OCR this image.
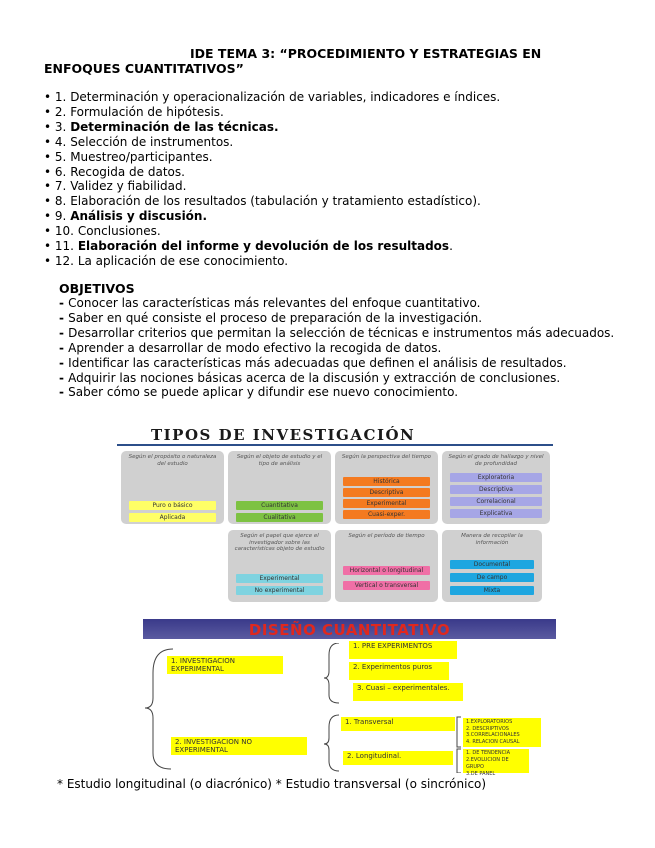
IDE TEMA 3: “PROCEDIMIENTO Y ESTRATEGIAS EN
ENFOQUES CUANTITATIVOS”
• 1. Determinación y operacionalización de variables, indicadores e índices.
• 2. Formulación de hipótesis.
• 3. Determinación de las técnicas.
• 4. Selección de instrumentos.
• 5. Muestreo/participantes.
• 6. Recogida de datos.
• 7. Validez y fiabilidad.
• 8. Elaboración de los resultados (tabulación y tratamiento estadístico).
• 9. Análisis y discusión.
• 10. Conclusiones.
• 11. Elaboración del informe y devolución de los resultados.
• 12. La aplicación de ese conocimiento.
OBJETIVOS

- Conocer las características más relevantes del enfoque cuantitativo.

- Saber en qué consiste el proceso de preparación de la investigación.

- Desarrollar criterios que permitan la selección de técnicas e instrumentos más adecuados.

- Aprender a desarrollar de modo efectivo la recogida de datos.

- Identificar las características más adecuadas que definen el análisis de resultados.

- Adquirir las nociones básicas acerca de la discusión y extracción de conclusiones.

- Saber cómo se puede aplicar y difundir ese nuevo conocimiento.

TIPOS DE INVESTIGACIÓN
Según el propósito o naturaleza del estudio
Puro o básico
Aplicada
Según el objeto de estudio y el tipo de análisis
Cuantitativa
Cualitativa
Según la perspectiva del tiempo
Histórica
Descriptiva
Experimental
Cuasi-exper.
Según el grado de hallazgo y nivel de profundidad
Exploratoria
Descriptiva
Correlacional
Explicativa
Según el papel que ejerce el investigador sobre las características objeto de estudio
Experimental
No experimental
Según el período de tiempo
Horizontal o longitudinal
Vertical o transversal
Manera de recopilar la información
Documental
De campo
Mixta
DISEÑO CUANTITATIVO
1. INVESTIGACION EXPERIMENTAL
1. PRE EXPERIMENTOS
2. Experimentos puros
3. Cuasi – experimentales.
2. INVESTIGACION NO EXPERIMENTAL
1. Transversal
2. Longitudinal.
1.EXPLORATORIOS
2. DESCRIPTIVOS
3.CORRELACIONALES
4. RELACION CAUSAL
1. DE TENDENCIA
2.EVOLUCION DE GRUPO
3.DE PANEL
* Estudio longitudinal (o diacrónico) * Estudio transversal (o sincrónico)
